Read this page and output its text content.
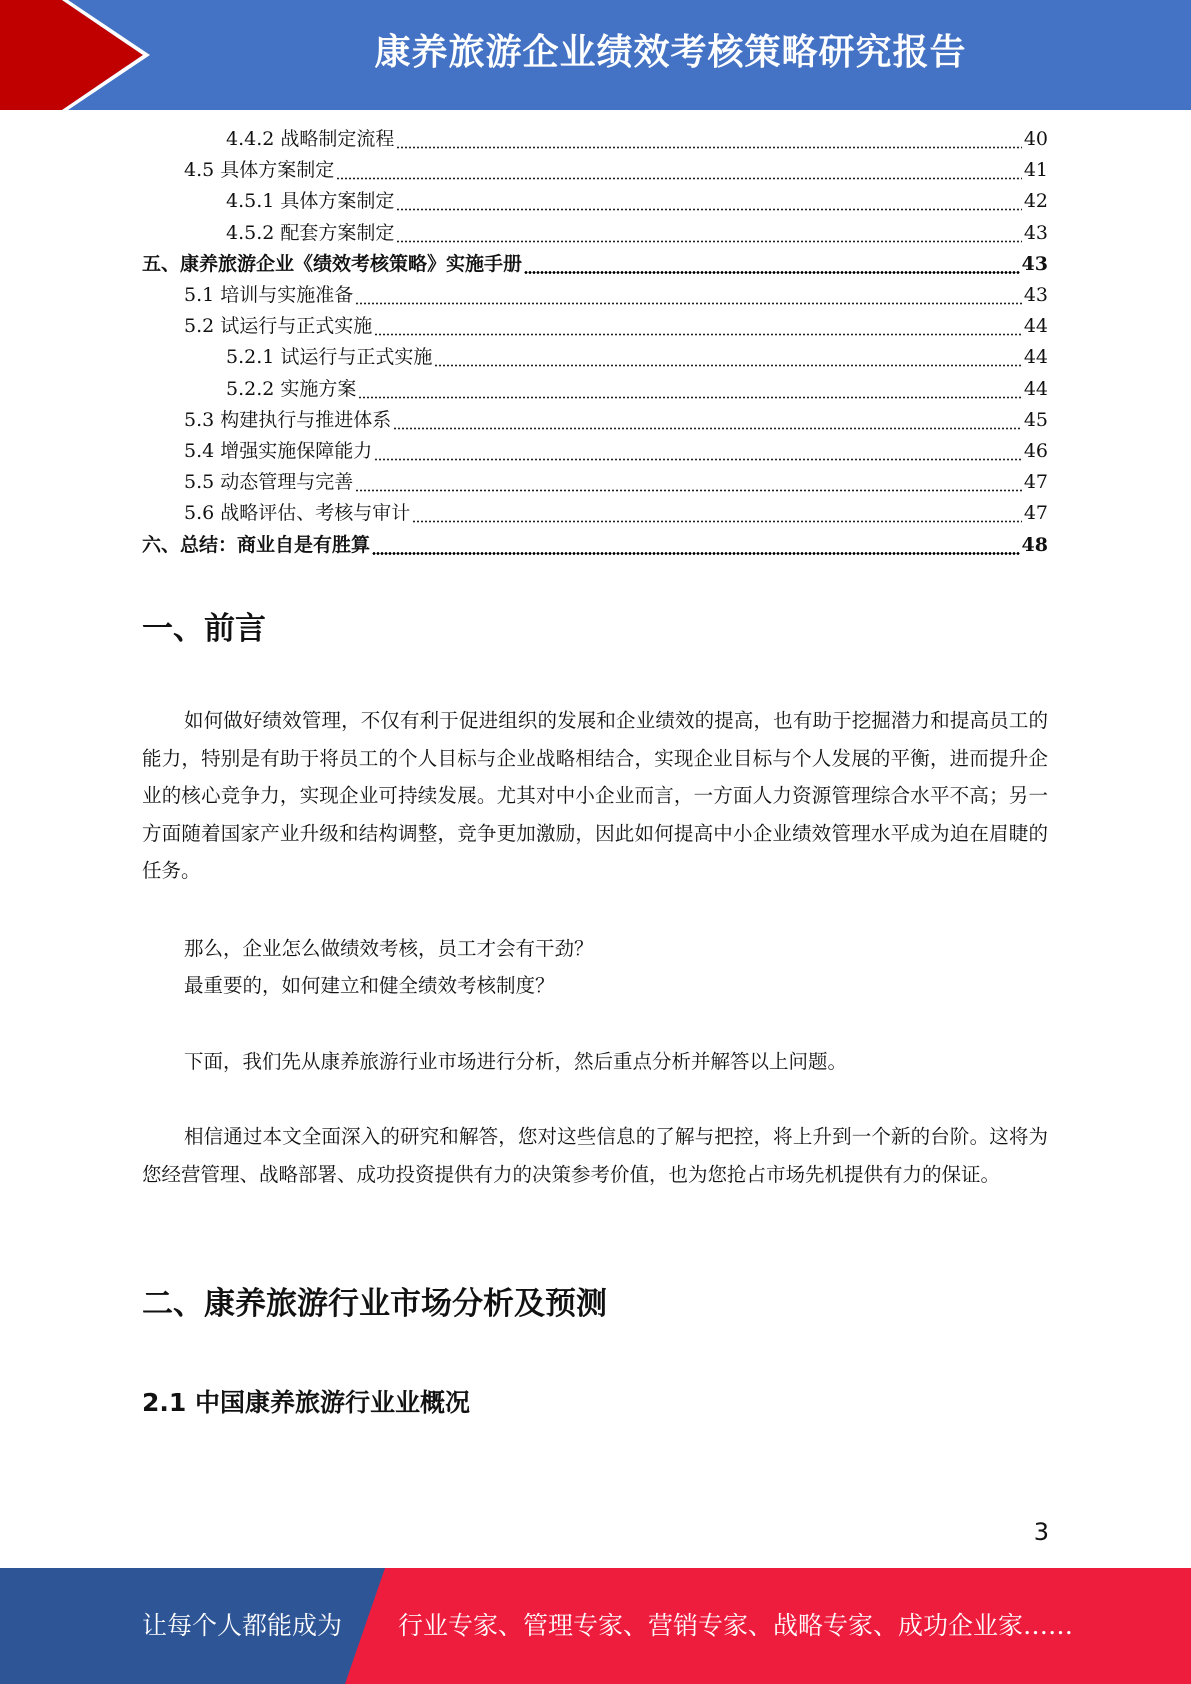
康养旅游企业绩效考核策略研究报告
4.4.2 战略制定流程	40
4.5 具体方案制定	41
4.5.1 具体方案制定	42
4.5.2 配套方案制定	43
五、康养旅游企业《绩效考核策略》实施手册	43
5.1 培训与实施准备	43
5.2 试运行与正式实施	44
5.2.1 试运行与正式实施	44
5.2.2 实施方案	44
5.3 构建执行与推进体系	45
5.4 增强实施保障能力	46
5.5 动态管理与完善	47
5.6 战略评估、考核与审计	47
六、总结：商业自是有胜算	48
一、前言

如何做好绩效管理，不仅有利于促进组织的发展和企业绩效的提高，也有助于挖掘潜力和提高员工的能力，特别是有助于将员工的个人目标与企业战略相结合，实现企业目标与个人发展的平衡，进而提升企业的核心竞争力，实现企业可持续发展。尤其对中小企业而言，一方面人力资源管理综合水平不高；另一方面随着国家产业升级和结构调整，竞争更加激励，因此如何提高中小企业绩效管理水平成为迫在眉睫的任务。

那么，企业怎么做绩效考核，员工才会有干劲？

最重要的，如何建立和健全绩效考核制度？

下面，我们先从康养旅游行业市场进行分析，然后重点分析并解答以上问题。

相信通过本文全面深入的研究和解答，您对这些信息的了解与把控，将上升到一个新的台阶。这将为您经营管理、战略部署、成功投资提供有力的决策参考价值，也为您抢占市场先机提供有力的保证。

二、康养旅游行业市场分析及预测
2.1 中国康养旅游行业业概况
3
让每个人都能成为 行业专家、管理专家、营销专家、战略专家、成功企业家……
